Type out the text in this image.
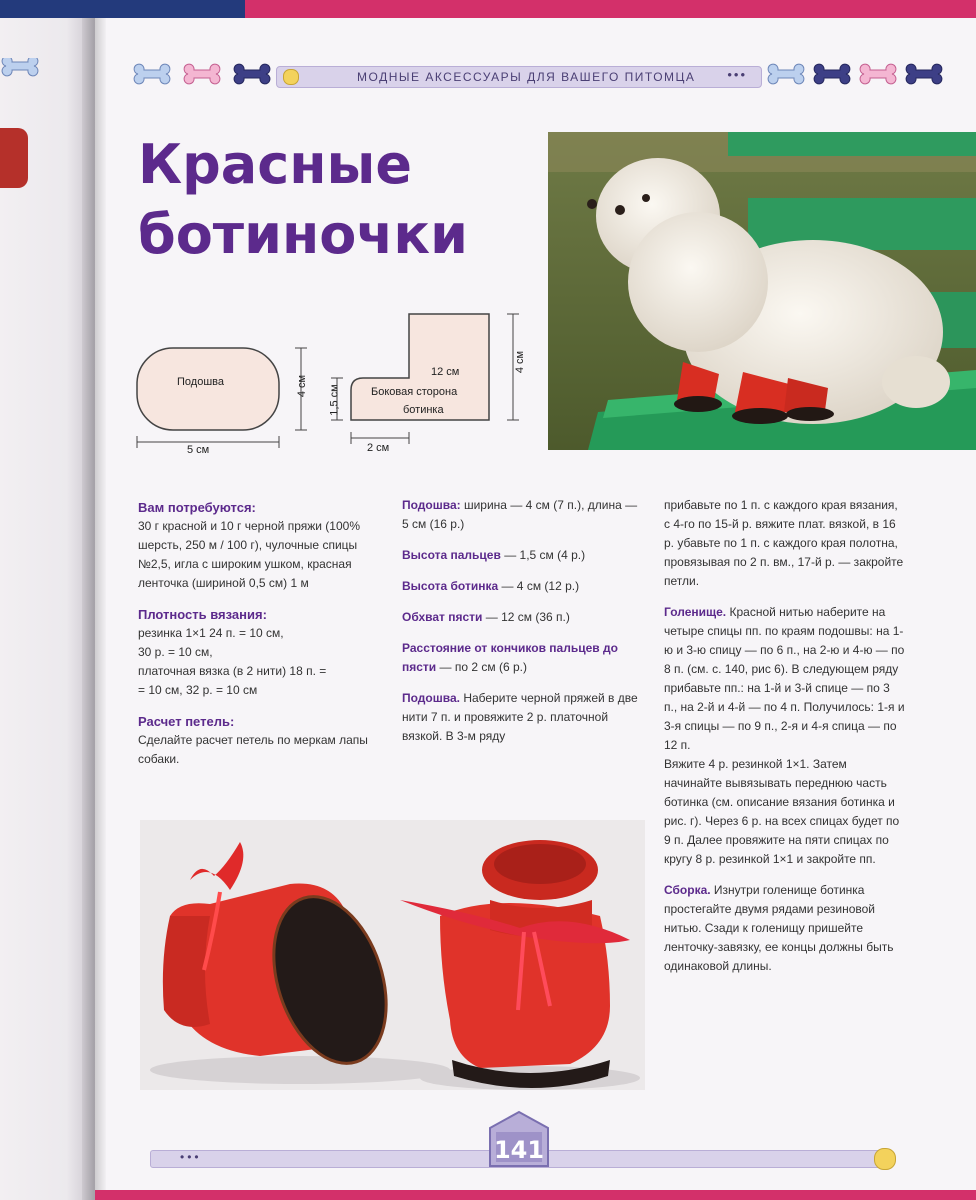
МОДНЫЕ АКСЕССУАРЫ ДЛЯ ВАШЕГО ПИТОМЦА •••
Красные
ботиночки
Подошва
5 см
4 см
12 см
Боковая сторона
ботинка
4 см
1,5 см
2 см
Вам потребуются:

30 г красной и 10 г черной пряжи (100% шерсть, 250 м / 100 г), чулочные спицы №2,5, игла с широким ушком, красная ленточка (шириной 0,5 см) 1 м

Плотность вязания:

резинка 1×1 24 п. = 10 см,

30 р. = 10 см,

платочная вязка (в 2 нити) 18 п. =

= 10 см, 32 р. = 10 см

Расчет петель:

Сделайте расчет петель по меркам лапы собаки.

Подошва: ширина — 4 см (7 п.), длина — 5 см (16 р.)

Высота пальцев — 1,5 см (4 р.)

Высота ботинка — 4 см (12 р.)

Обхват пясти — 12 см (36 п.)

Расстояние от кончиков пальцев до пясти — по 2 см (6 р.)

Подошва. Наберите черной пряжей в две нити 7 п. и провяжите 2 р. платочной вязкой. В 3-м ряду

прибавьте по 1 п. с каждого края вязания, с 4-го по 15-й р. вяжите плат. вязкой, в 16 р. убавьте по 1 п. с каждого края полотна, провязывая по 2 п. вм., 17-й р. — закройте петли.

Голенище. Красной нитью наберите на четыре спицы пп. по краям подошвы: на 1-ю и 3-ю спицу — по 6 п., на 2-ю и 4-ю — по 8 п. (см. с. 140, рис 6). В следующем ряду прибавьте пп.: на 1-й и 3-й спице — по 3 п., на 2-й и 4-й — по 4 п. Получилось: 1-я и 3-я спицы — по 9 п., 2-я и 4-я спица — по 12 п.

Вяжите 4 р. резинкой 1×1. Затем начинайте вывязывать переднюю часть ботинка (см. описание вязания ботинка и рис. г). Через 6 р. на всех спицах будет по 9 п. Далее провяжите на пяти спицах по кругу 8 р. резинкой 1×1 и закройте пп.

Сборка. Изнутри голенище ботинка простегайте двумя рядами резиновой нитью. Сзади к голенищу пришейте ленточку-завязку, ее концы должны быть одинаковой длины.

•••	141
